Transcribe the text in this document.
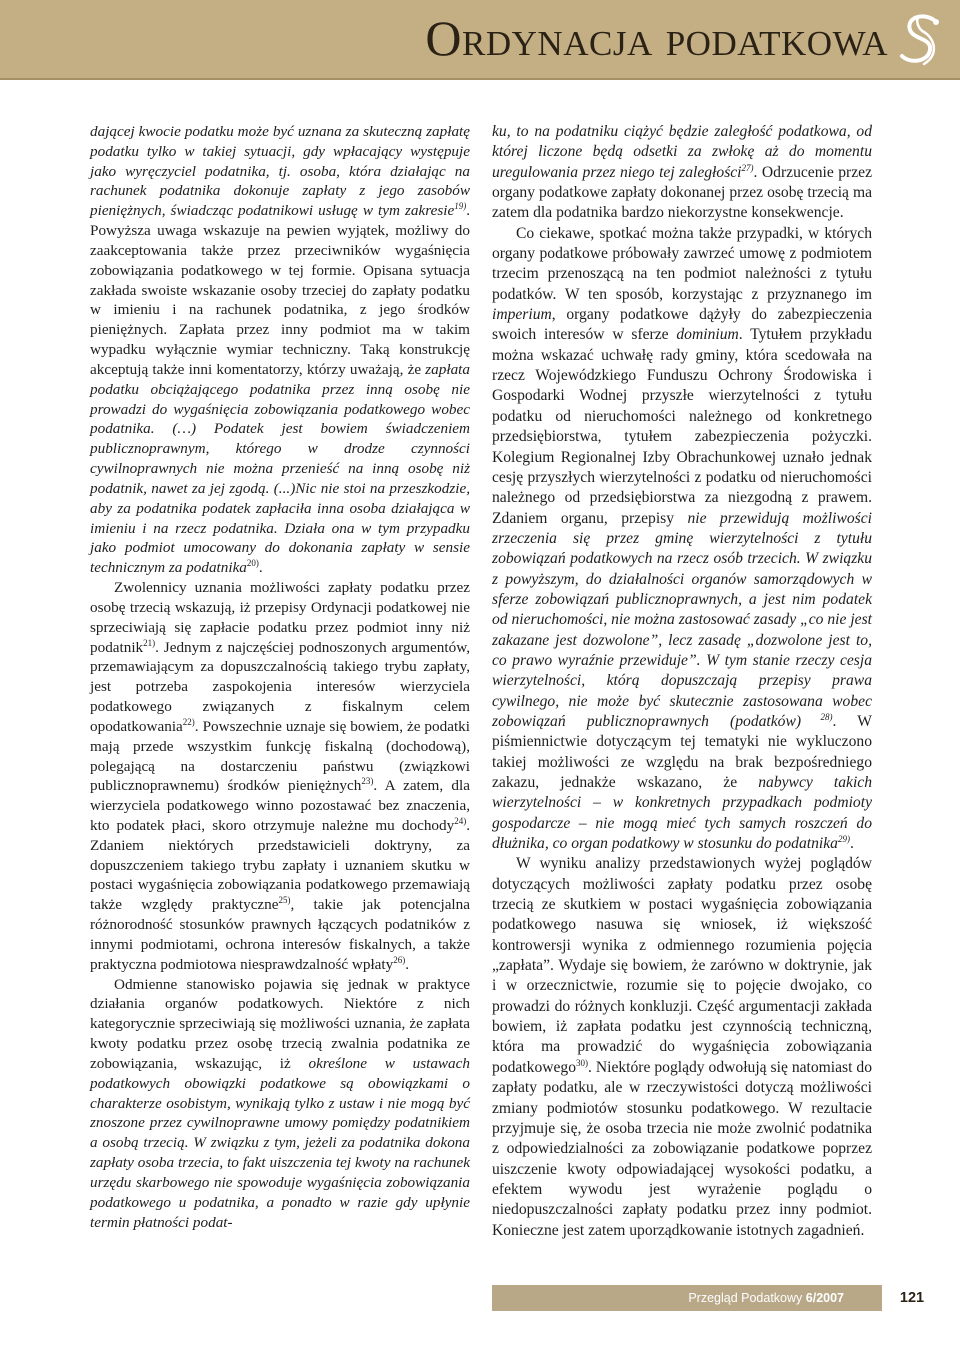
Ordynacja podatkowa

dającej kwocie podatku może być uznana za skuteczną zapłatę podatku tylko w takiej sytuacji, gdy wpłacający występuje jako wyręczyciel podatnika, tj. osoba, która działając na rachunek podatnika dokonuje zapłaty z jego zasobów pieniężnych, świadcząc podatnikowi usługę w tym zakresie$^{19)}$. Powyższa uwaga wskazuje na pewien wyjątek, możliwy do zaakceptowania także przez przeciwników wygaśnięcia zobowiązania podatkowego w tej formie. Opisana sytuacja zakłada swoiste wskazanie osoby trzeciej do zapłaty podatku w imieniu i na rachunek podatnika, z jego środków pieniężnych. Zapłata przez inny podmiot ma w takim wypadku wyłącznie wymiar techniczny. Taką konstrukcję akceptują także inni komentatorzy, którzy uważają, że zapłata podatku obciążającego podatnika przez inną osobę nie prowadzi do wygaśnięcia zobowiązania podatkowego wobec podatnika. (…) Podatek jest bowiem świadczeniem publicznoprawnym, którego w drodze czynności cywilnoprawnych nie można przenieść na inną osobę niż podatnik, nawet za jej zgodą. (...)Nic nie stoi na przeszkodzie, aby za podatnika podatek zapłaciła inna osoba działająca w imieniu i na rzecz podatnika. Działa ona w tym przypadku jako podmiot umocowany do dokonania zapłaty w sensie technicznym za podatnika$^{20)}$.

Zwolennicy uznania możliwości zapłaty podatku przez osobę trzecią wskazują, iż przepisy Ordynacji podatkowej nie sprzeciwiają się zapłacie podatku przez podmiot inny niż podatnik$^{21)}$. Jednym z najczęściej podnoszonych argumentów, przemawiającym za dopuszczalnością takiego trybu zapłaty, jest potrzeba zaspokojenia interesów wierzyciela podatkowego związanych z fiskalnym celem opodatkowania$^{22)}$. Powszechnie uznaje się bowiem, że podatki mają przede wszystkim funkcję fiskalną (dochodową), polegającą na dostarczeniu państwu (związkowi publicznoprawnemu) środków pieniężnych$^{23)}$. A zatem, dla wierzyciela podatkowego winno pozostawać bez znaczenia, kto podatek płaci, skoro otrzymuje należne mu dochody$^{24)}$. Zdaniem niektórych przedstawicieli doktryny, za dopuszczeniem takiego trybu zapłaty i uznaniem skutku w postaci wygaśnięcia zobowiązania podatkowego przemawiają także względy praktyczne$^{25)}$, takie jak potencjalna różnorodność stosunków prawnych łączących podatników z innymi podmiotami, ochrona interesów fiskalnych, a także praktyczna podmiotowa niesprawdzalność wpłaty$^{26)}$.

Odmienne stanowisko pojawia się jednak w praktyce działania organów podatkowych. Niektóre z nich kategorycznie sprzeciwiają się możliwości uznania, że zapłata kwoty podatku przez osobę trzecią zwalnia podatnika ze zobowiązania, wskazując, iż określone w ustawach podatkowych obowiązki podatkowe są obowiązkami o charakterze osobistym, wynikają tylko z ustaw i nie mogą być znoszone przez cywilnoprawne umowy pomiędzy podatnikiem a osobą trzecią. W związku z tym, jeżeli za podatnika dokona zapłaty osoba trzecia, to fakt uiszczenia tej kwoty na rachunek urzędu skarbowego nie spowoduje wygaśnięcia zobowiązania podatkowego u podatnika, a ponadto w razie gdy upłynie termin płatności podat-

ku, to na podatniku ciążyć będzie zaległość podatkowa, od której liczone będą odsetki za zwłokę aż do momentu uregulowania przez niego tej zaległości$^{27)}$. Odrzucenie przez organy podatkowe zapłaty dokonanej przez osobę trzecią ma zatem dla podatnika bardzo niekorzystne konsekwencje.

Co ciekawe, spotkać można także przypadki, w których organy podatkowe próbowały zawrzeć umowę z podmiotem trzecim przenoszącą na ten podmiot należności z tytułu podatków. W ten sposób, korzystając z przyznanego im imperium, organy podatkowe dążyły do zabezpieczenia swoich interesów w sferze dominium. Tytułem przykładu można wskazać uchwałę rady gminy, która scedowała na rzecz Wojewódzkiego Funduszu Ochrony Środowiska i Gospodarki Wodnej przyszłe wierzytelności z tytułu podatku od nieruchomości należnego od konkretnego przedsiębiorstwa, tytułem zabezpieczenia pożyczki. Kolegium Regionalnej Izby Obrachunkowej uznało jednak cesję przyszłych wierzytelności z podatku od nieruchomości należnego od przedsiębiorstwa za niezgodną z prawem. Zdaniem organu, przepisy nie przewidują możliwości zrzeczenia się przez gminę wierzytelności z tytułu zobowiązań podatkowych na rzecz osób trzecich. W związku z powyższym, do działalności organów samorządowych w sferze zobowiązań publicznoprawnych, a jest nim podatek od nieruchomości, nie można zastosować zasady „co nie jest zakazane jest dozwolone”, lecz zasadę „dozwolone jest to, co prawo wyraźnie przewiduje”. W tym stanie rzeczy cesja wierzytelności, którą dopuszczają przepisy prawa cywilnego, nie może być skutecznie zastosowana wobec zobowiązań publicznoprawnych (podatków) $^{28)}$. W piśmiennictwie dotyczącym tej tematyki nie wykluczono takiej możliwości ze względu na brak bezpośredniego zakazu, jednakże wskazano, że nabywcy takich wierzytelności – w konkretnych przypadkach podmioty gospodarcze – nie mogą mieć tych samych roszczeń do dłużnika, co organ podatkowy w stosunku do podatnika$^{29)}$.

W wyniku analizy przedstawionych wyżej poglądów dotyczących możliwości zapłaty podatku przez osobę trzecią ze skutkiem w postaci wygaśnięcia zobowiązania podatkowego nasuwa się wniosek, iż większość kontrowersji wynika z odmiennego rozumienia pojęcia „zapłata”. Wydaje się bowiem, że zarówno w doktrynie, jak i w orzecznictwie, rozumie się to pojęcie dwojako, co prowadzi do różnych konkluzji. Część argumentacji zakłada bowiem, iż zapłata podatku jest czynnością techniczną, która ma prowadzić do wygaśnięcia zobowiązania podatkowego$^{30)}$. Niektóre poglądy odwołują się natomiast do zapłaty podatku, ale w rzeczywistości dotyczą możliwości zmiany podmiotów stosunku podatkowego. W rezultacie przyjmuje się, że osoba trzecia nie może zwolnić podatnika z odpowiedzialności za zobowiązanie podatkowe poprzez uiszczenie kwoty odpowiadającej wysokości podatku, a efektem wywodu jest wyrażenie poglądu o niedopuszczalności zapłaty podatku przez inny podmiot. Konieczne jest zatem uporządkowanie istotnych zagadnień.

Przegląd Podatkowy 6/2007	121
